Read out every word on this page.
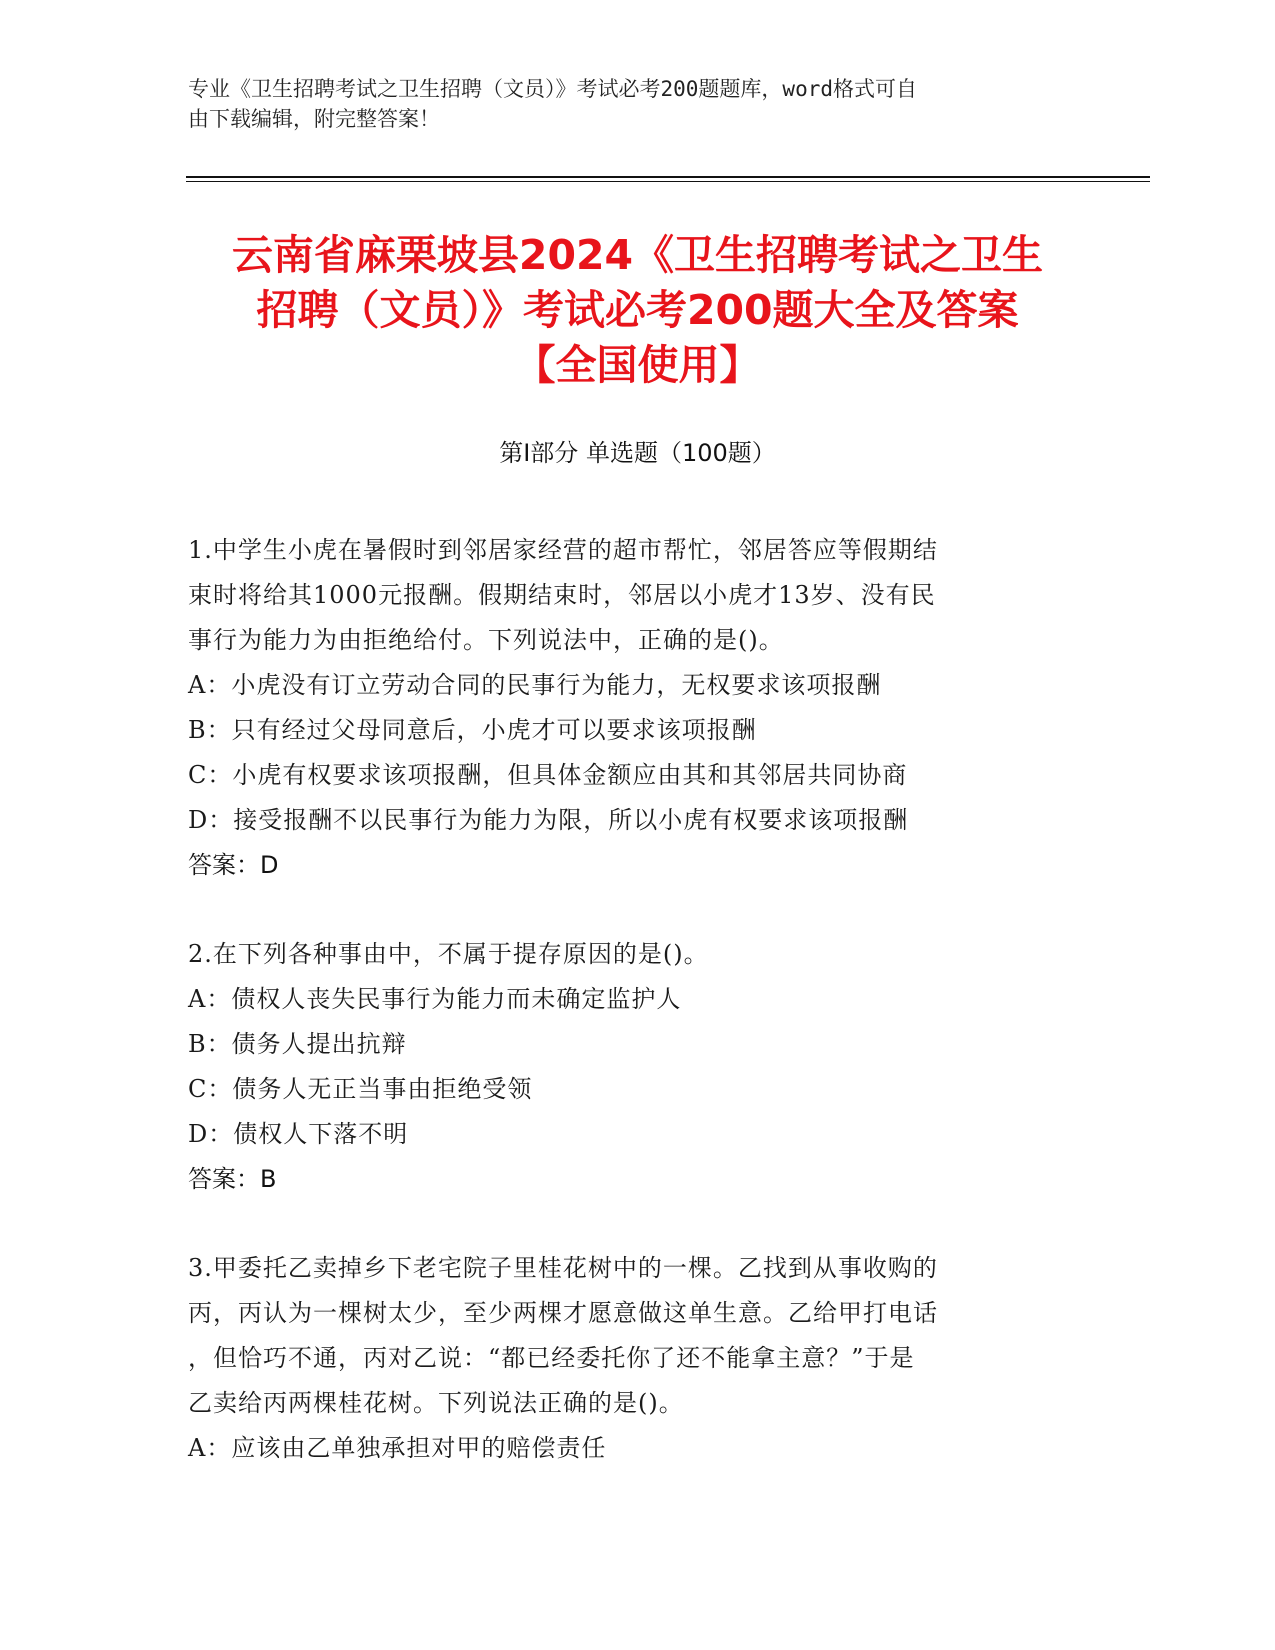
专业《卫生招聘考试之卫生招聘（文员）》考试必考200题题库，word格式可自
由下载编辑，附完整答案！
云南省麻栗坡县2024《卫生招聘考试之卫生
招聘（文员）》考试必考200题大全及答案
【全国使用】
第Ⅰ部分 单选题（100题）
1.中学生小虎在暑假时到邻居家经营的超市帮忙，邻居答应等假期结
束时将给其1000元报酬。假期结束时，邻居以小虎才13岁、没有民
事行为能力为由拒绝给付。下列说法中，正确的是()。
A：小虎没有订立劳动合同的民事行为能力，无权要求该项报酬
B：只有经过父母同意后，小虎才可以要求该项报酬
C：小虎有权要求该项报酬，但具体金额应由其和其邻居共同协商
D：接受报酬不以民事行为能力为限，所以小虎有权要求该项报酬
答案：D
2.在下列各种事由中，不属于提存原因的是()。
A：债权人丧失民事行为能力而未确定监护人
B：债务人提出抗辩
C：债务人无正当事由拒绝受领
D：债权人下落不明
答案：B
3.甲委托乙卖掉乡下老宅院子里桂花树中的一棵。乙找到从事收购的
丙，丙认为一棵树太少，至少两棵才愿意做这单生意。乙给甲打电话
，但恰巧不通，丙对乙说：“都已经委托你了还不能拿主意？”于是
乙卖给丙两棵桂花树。下列说法正确的是()。
A：应该由乙单独承担对甲的赔偿责任
